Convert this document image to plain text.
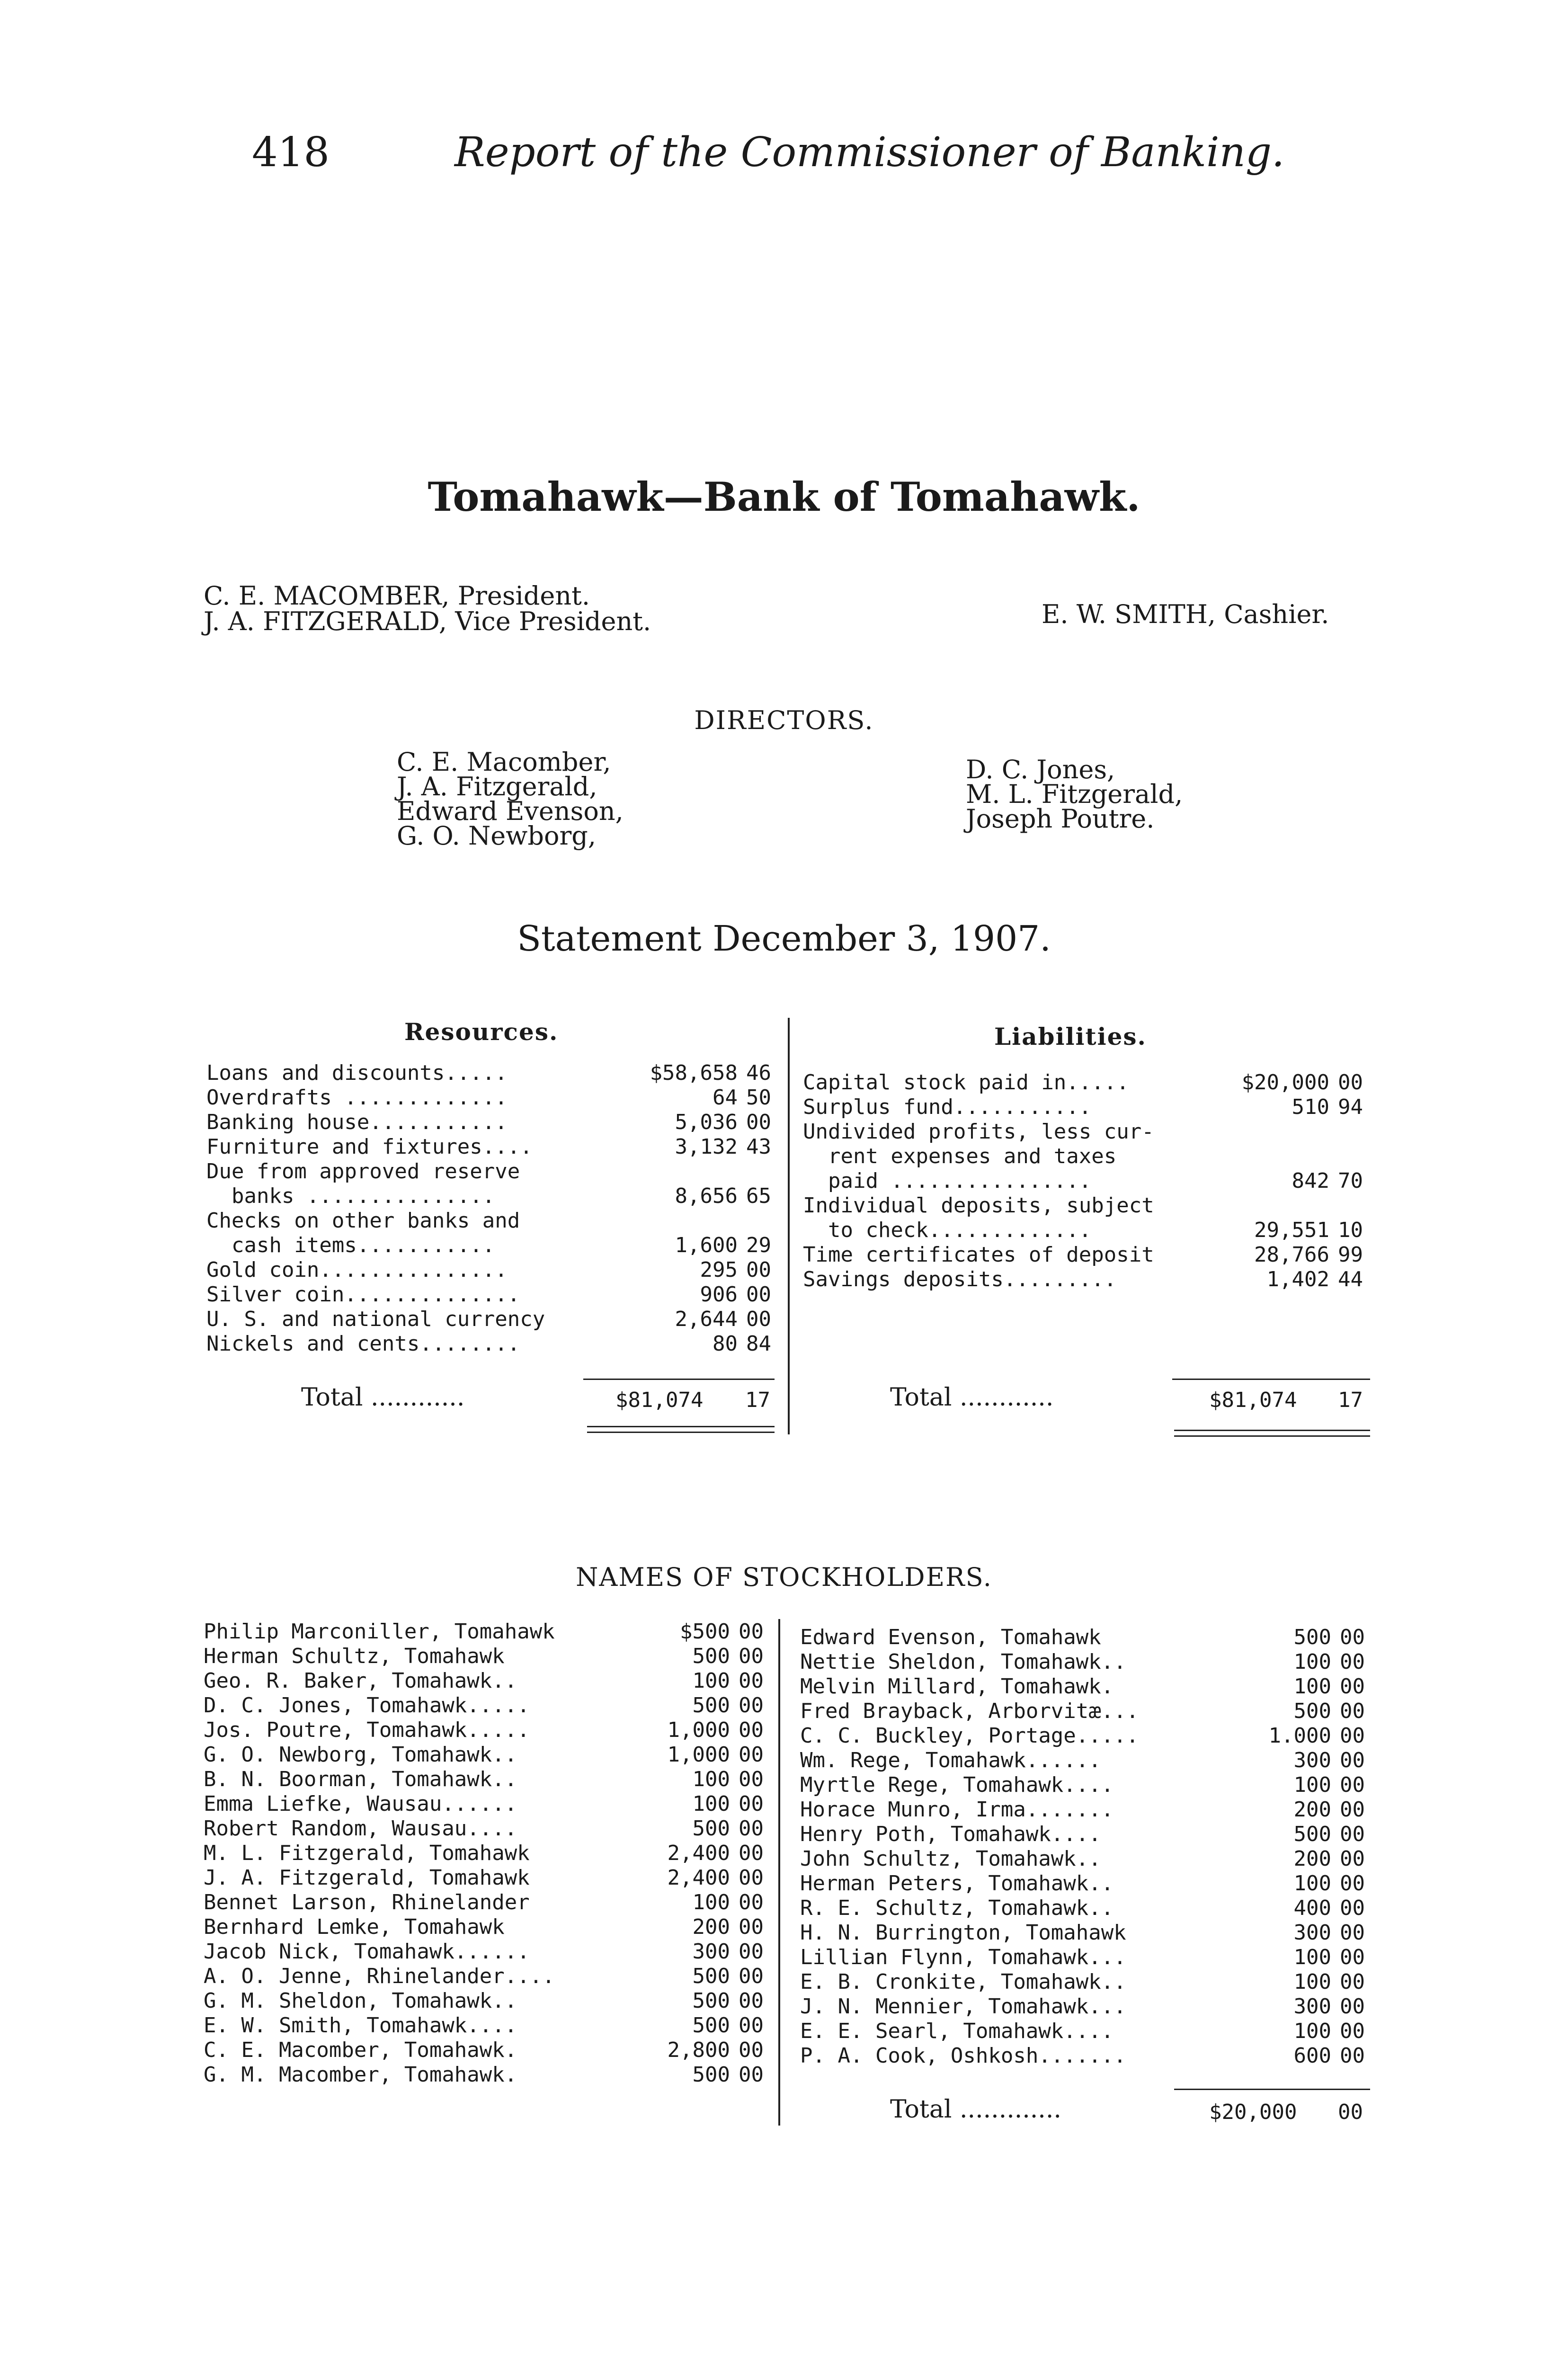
418	Report of the Commissioner of Banking.
Tomahawk—Bank of Tomahawk.
C. E. MACOMBER, President.
J. A. FITZGERALD, Vice President.	E. W. SMITH, Cashier.
DIRECTORS.
C. E. Macomber,
J. A. Fitzgerald,
Edward Evenson,
G. O. Newborg,
D. C. Jones,
M. L. Fitzgerald,
Joseph Poutre.
Statement December 3, 1907.
Resources.	Liabilities.
Loans and discounts.....	$58,658	46
Overdrafts .............	64	50
Banking house...........	5,036	00
Furniture and fixtures....	3,132	43
Due from approved reserve		
banks ...............	8,656	65
Checks on other banks and		
cash items...........	1,600	29
Gold coin...............	295	00
Silver coin..............	906	00
U. S. and national currency	2,644	00
Nickels and cents........	80	84
Capital stock paid in.....	$20,000	00
Surplus fund...........	510	94
Undivided profits, less cur-		
rent expenses and taxes		
paid ................	842	70
Individual deposits, subject		
to check.............	29,551	10
Time certificates of deposit	28,766	99
Savings deposits.........	1,402	44
Total ............	$81,074 17	Total ............	$81,074 17
NAMES OF STOCKHOLDERS.
Philip Marconiller, Tomahawk	$500	00
Herman Schultz, Tomahawk	500	00
Geo. R. Baker, Tomahawk..	100	00
D. C. Jones, Tomahawk.....	500	00
Jos. Poutre, Tomahawk.....	1,000	00
G. O. Newborg, Tomahawk..	1,000	00
B. N. Boorman, Tomahawk..	100	00
Emma Liefke, Wausau......	100	00
Robert Random, Wausau....	500	00
M. L. Fitzgerald, Tomahawk	2,400	00
J. A. Fitzgerald, Tomahawk	2,400	00
Bennet Larson, Rhinelander	100	00
Bernhard Lemke, Tomahawk	200	00
Jacob Nick, Tomahawk......	300	00
A. O. Jenne, Rhinelander....	500	00
G. M. Sheldon, Tomahawk..	500	00
E. W. Smith, Tomahawk....	500	00
C. E. Macomber, Tomahawk.	2,800	00
G. M. Macomber, Tomahawk.	500	00
Edward Evenson, Tomahawk	500	00
Nettie Sheldon, Tomahawk..	100	00
Melvin Millard, Tomahawk.	100	00
Fred Brayback, Arborvitæ...	500	00
C. C. Buckley, Portage.....	1.000	00
Wm. Rege, Tomahawk......	300	00
Myrtle Rege, Tomahawk....	100	00
Horace Munro, Irma.......	200	00
Henry Poth, Tomahawk....	500	00
John Schultz, Tomahawk..	200	00
Herman Peters, Tomahawk..	100	00
R. E. Schultz, Tomahawk..	400	00
H. N. Burrington, Tomahawk	300	00
Lillian Flynn, Tomahawk...	100	00
E. B. Cronkite, Tomahawk..	100	00
J. N. Mennier, Tomahawk...	300	00
E. E. Searl, Tomahawk....	100	00
P. A. Cook, Oshkosh.......	600	00
Total .............	$20,000 00
